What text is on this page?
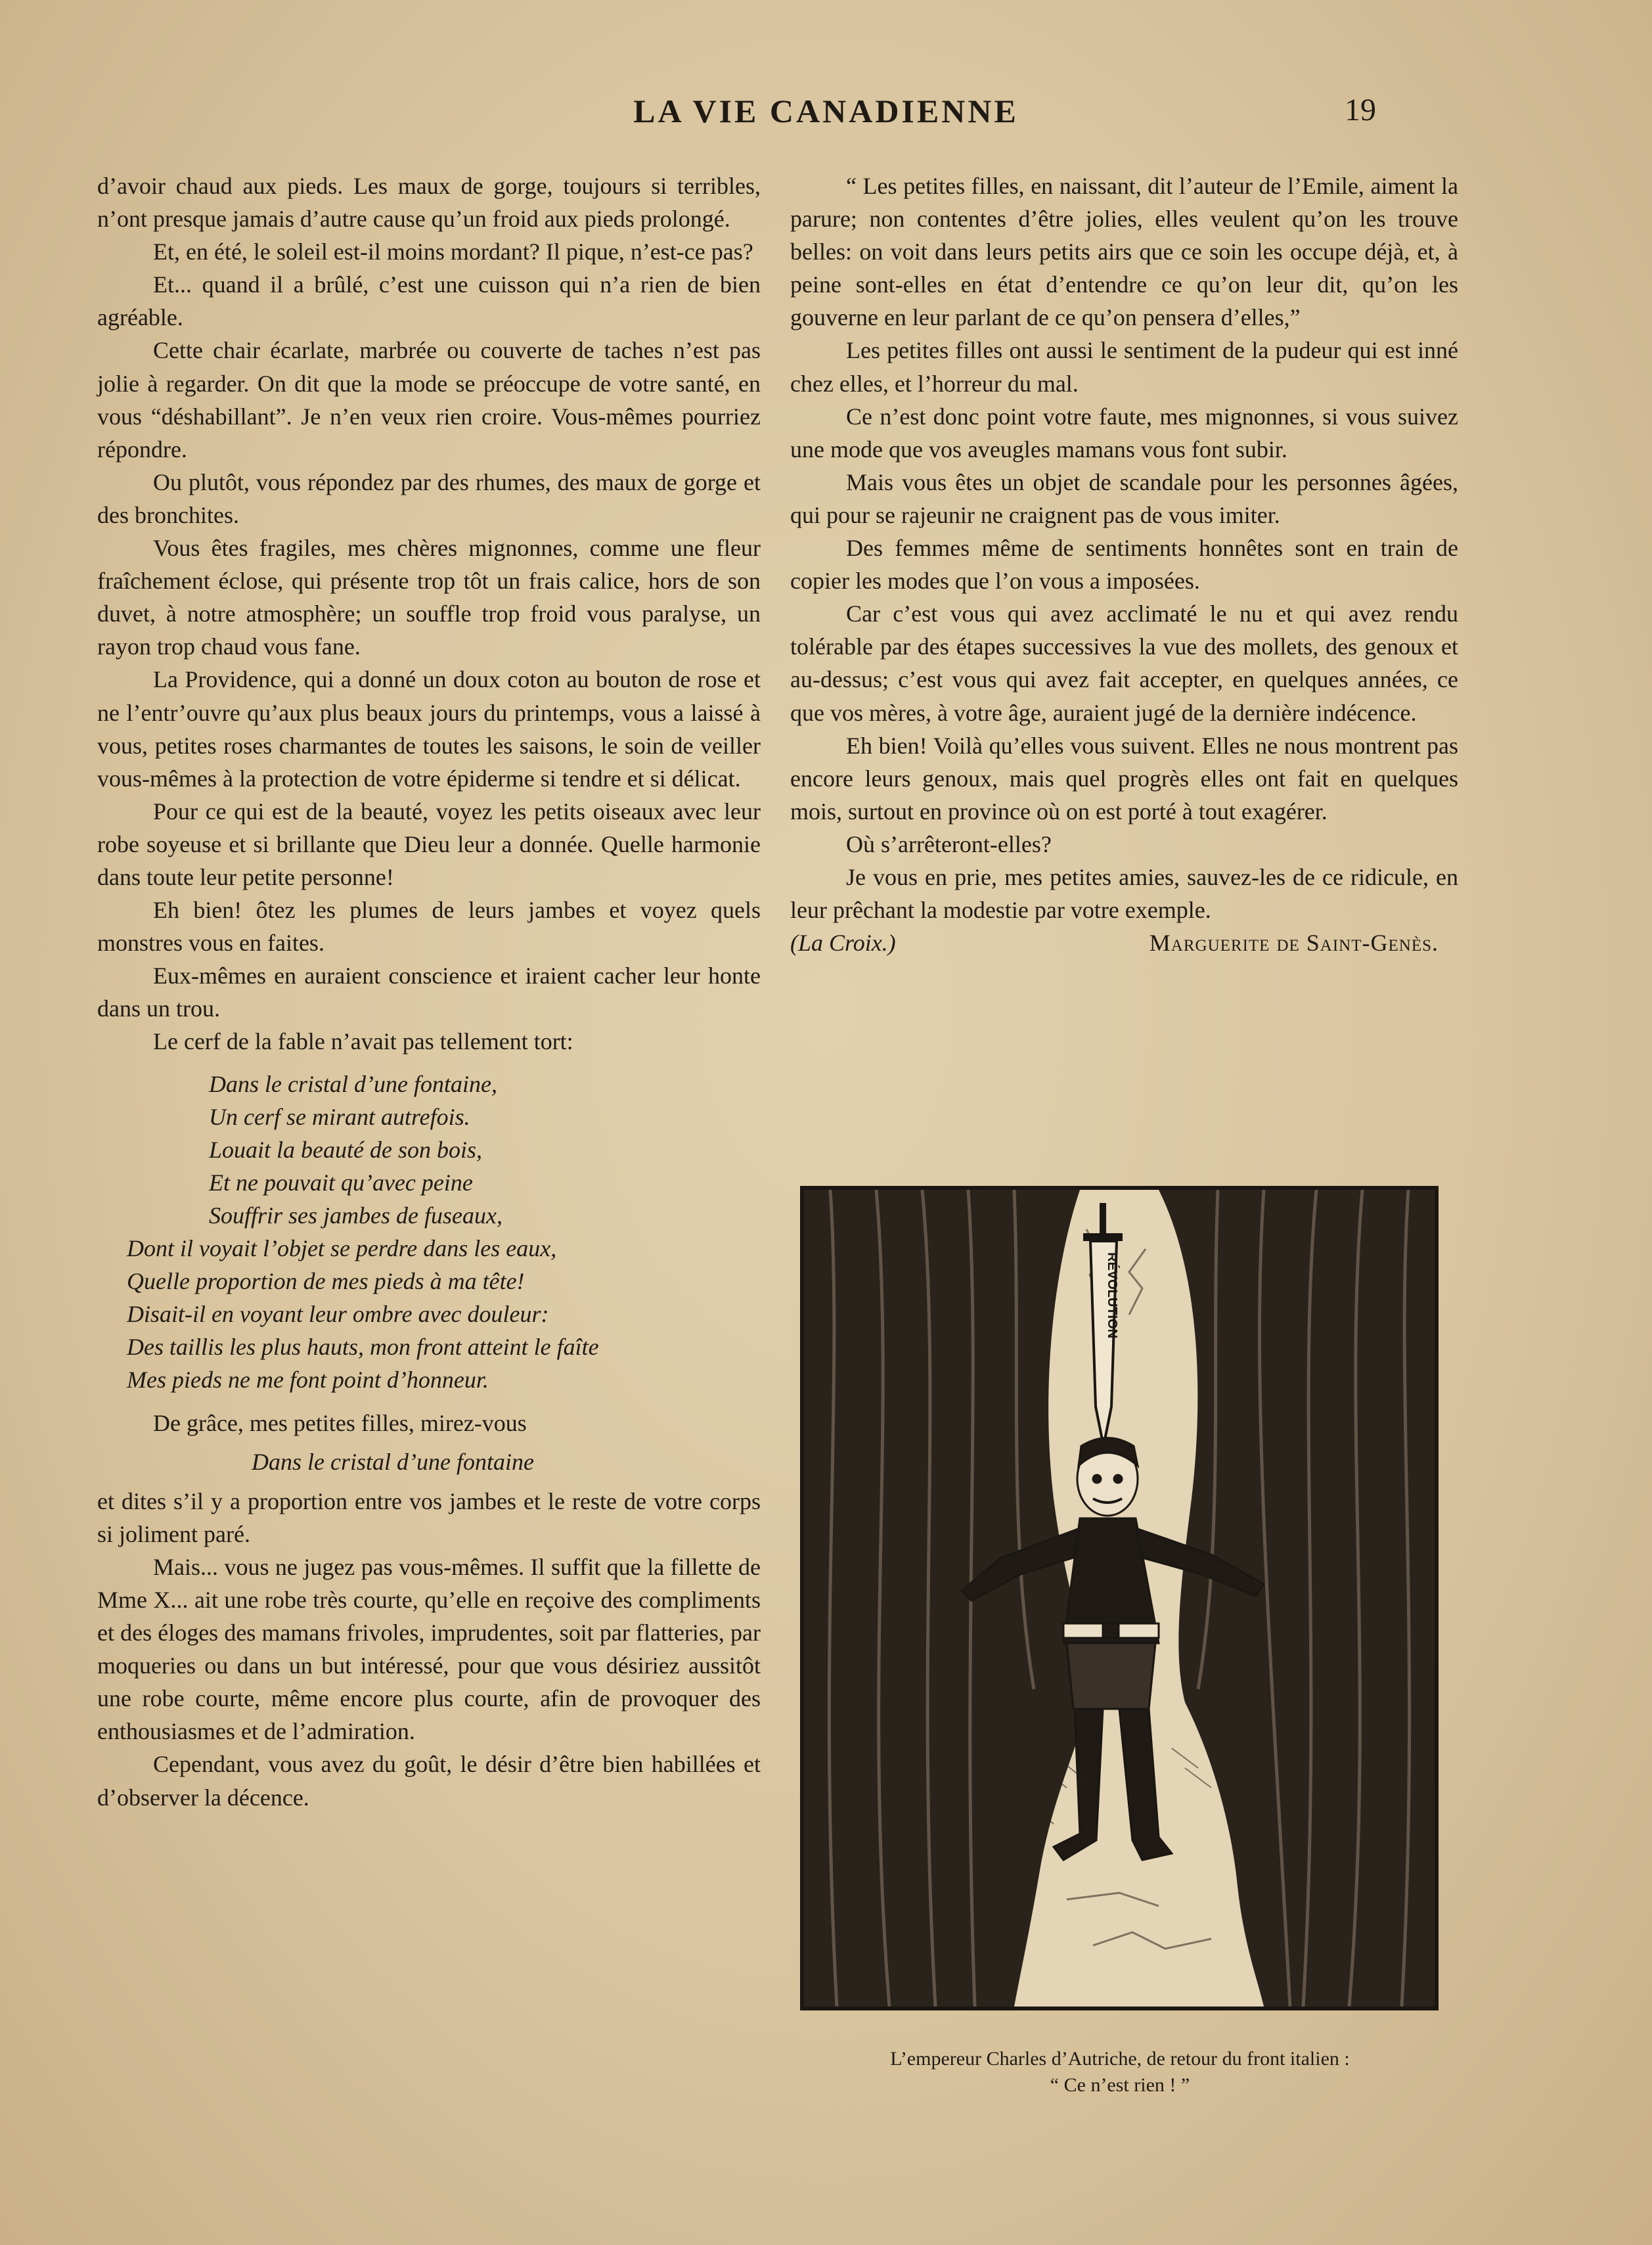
LA VIE CANADIENNE	19

d’avoir chaud aux pieds. Les maux de gorge, toujours si terribles, n’ont presque jamais d’autre cause qu’un froid aux pieds prolongé.

Et, en été, le soleil est-il moins mordant? Il pique, n’est-ce pas?

Et... quand il a brûlé, c’est une cuisson qui n’a rien de bien agréable.

Cette chair écarlate, marbrée ou couverte de taches n’est pas jolie à regarder. On dit que la mode se préoccupe de votre santé, en vous “déshabillant”. Je n’en veux rien croire. Vous-mêmes pourriez répondre.

Ou plutôt, vous répondez par des rhumes, des maux de gorge et des bronchites.

Vous êtes fragiles, mes chères mignonnes, comme une fleur fraîchement éclose, qui présente trop tôt un frais calice, hors de son duvet, à notre atmosphère; un souffle trop froid vous paralyse, un rayon trop chaud vous fane.

La Providence, qui a donné un doux coton au bouton de rose et ne l’entr’ouvre qu’aux plus beaux jours du printemps, vous a laissé à vous, petites roses charmantes de toutes les saisons, le soin de veiller vous-mêmes à la protection de votre épiderme si tendre et si délicat.

Pour ce qui est de la beauté, voyez les petits oiseaux avec leur robe soyeuse et si brillante que Dieu leur a donnée. Quelle harmonie dans toute leur petite personne!

Eh bien! ôtez les plumes de leurs jambes et voyez quels monstres vous en faites.

Eux-mêmes en auraient conscience et iraient cacher leur honte dans un trou.

Le cerf de la fable n’avait pas tellement tort:

Dans le cristal d’une fontaine,
Un cerf se mirant autrefois.
Louait la beauté de son bois,
Et ne pouvait qu’avec peine
Souffrir ses jambes de fuseaux,
Dont il voyait l’objet se perdre dans les eaux,
Quelle proportion de mes pieds à ma tête!
Disait-il en voyant leur ombre avec douleur:
Des taillis les plus hauts, mon front atteint le faîte
Mes pieds ne me font point d’honneur.

De grâce, mes petites filles, mirez-vous

Dans le cristal d’une fontaine

et dites s’il y a proportion entre vos jambes et le reste de votre corps si joliment paré.

Mais... vous ne jugez pas vous-mêmes. Il suffit que la fillette de Mme X... ait une robe très courte, qu’elle en reçoive des compliments et des éloges des mamans frivoles, imprudentes, soit par flatteries, par moqueries ou dans un but intéressé, pour que vous désiriez aussitôt une robe courte, même encore plus courte, afin de provoquer des enthousiasmes et de l’admiration.

Cependant, vous avez du goût, le désir d’être bien habillées et d’observer la décence.

“ Les petites filles, en naissant, dit l’auteur de l’Emile, aiment la parure; non contentes d’être jolies, elles veulent qu’on les trouve belles: on voit dans leurs petits airs que ce soin les occupe déjà, et, à peine sont-elles en état d’entendre ce qu’on leur dit, qu’on les gouverne en leur parlant de ce qu’on pensera d’elles,”

Les petites filles ont aussi le sentiment de la pudeur qui est inné chez elles, et l’horreur du mal.

Ce n’est donc point votre faute, mes mignonnes, si vous suivez une mode que vos aveugles mamans vous font subir.

Mais vous êtes un objet de scandale pour les personnes âgées, qui pour se rajeunir ne craignent pas de vous imiter.

Des femmes même de sentiments honnêtes sont en train de copier les modes que l’on vous a imposées.

Car c’est vous qui avez acclimaté le nu et qui avez rendu tolérable par des étapes successives la vue des mollets, des genoux et au-dessus; c’est vous qui avez fait accepter, en quelques années, ce que vos mères, à votre âge, auraient jugé de la dernière indécence.

Eh bien! Voilà qu’elles vous suivent. Elles ne nous montrent pas encore leurs genoux, mais quel progrès elles ont fait en quelques mois, surtout en province où on est porté à tout exagérer.

Où s’arrêteront-elles?

Je vous en prie, mes petites amies, sauvez-les de ce ridicule, en leur prêchant la modestie par votre exemple.

(La Croix.)	Marguerite de Saint-Genès.
RÉVOLUTION
L’empereur Charles d’Autriche, de retour du front italien :
“ Ce n’est rien ! ”
